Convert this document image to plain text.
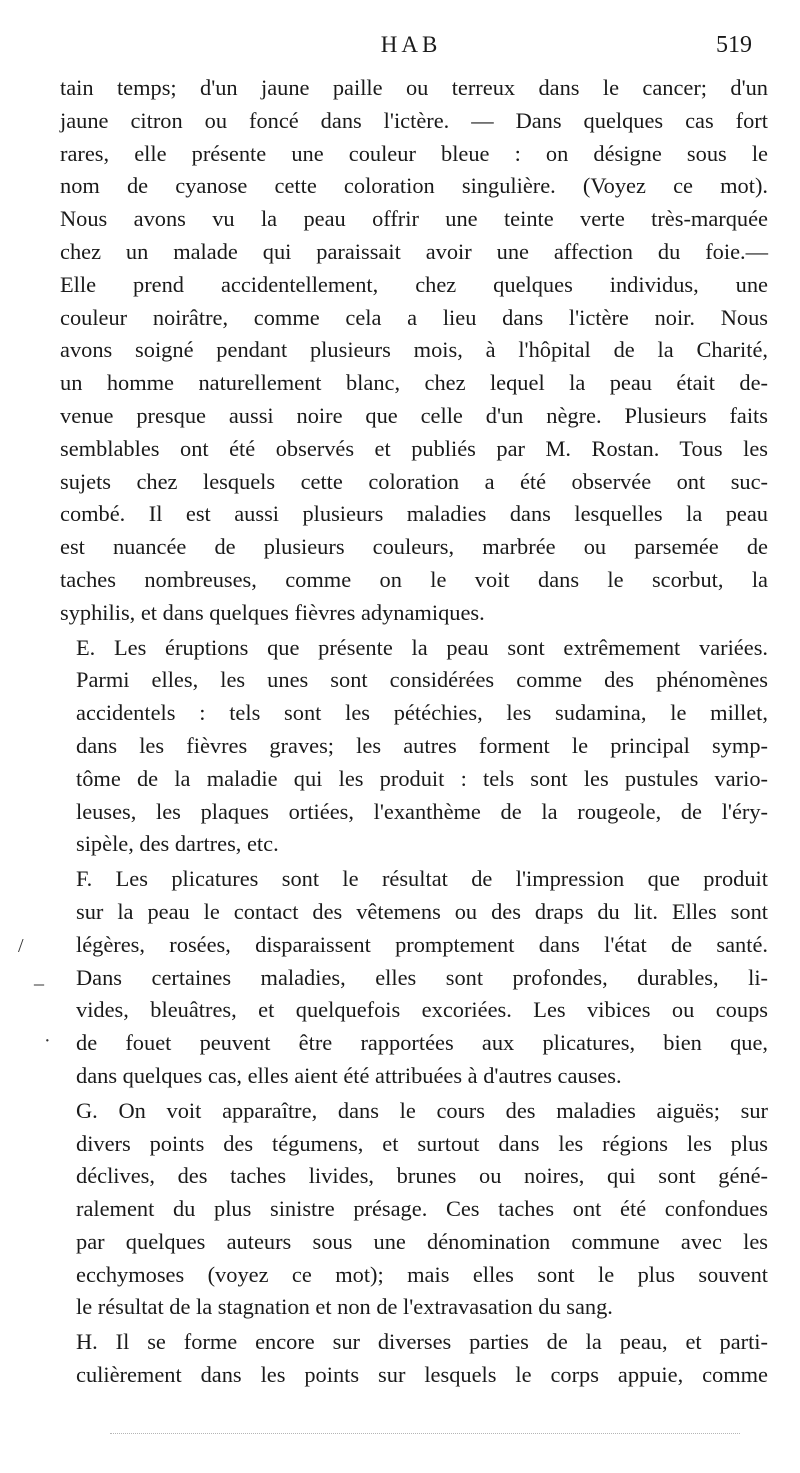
HAB	519
/
_
·
tain temps; d'un jaune paille ou terreux dans le cancer; d'un
jaune citron ou foncé dans l'ictère. — Dans quelques cas fort
rares, elle présente une couleur bleue : on désigne sous le
nom de cyanose cette coloration singulière. (Voyez ce mot).
Nous avons vu la peau offrir une teinte verte très-marquée
chez un malade qui paraissait avoir une affection du foie.—
Elle prend accidentellement, chez quelques individus, une
couleur noirâtre, comme cela a lieu dans l'ictère noir. Nous
avons soigné pendant plusieurs mois, à l'hôpital de la Charité,
un homme naturellement blanc, chez lequel la peau était de-
venue presque aussi noire que celle d'un nègre. Plusieurs faits
semblables ont été observés et publiés par M. Rostan. Tous les
sujets chez lesquels cette coloration a été observée ont suc-
combé. Il est aussi plusieurs maladies dans lesquelles la peau
est nuancée de plusieurs couleurs, marbrée ou parsemée de
taches nombreuses, comme on le voit dans le scorbut, la
syphilis, et dans quelques fièvres adynamiques.
E. Les éruptions que présente la peau sont extrêmement variées.
Parmi elles, les unes sont considérées comme des phénomènes
accidentels : tels sont les pétéchies, les sudamina, le millet,
dans les fièvres graves; les autres forment le principal symp-
tôme de la maladie qui les produit : tels sont les pustules vario-
leuses, les plaques ortiées, l'exanthème de la rougeole, de l'éry-
sipèle, des dartres, etc.
F. Les plicatures sont le résultat de l'impression que produit
sur la peau le contact des vêtemens ou des draps du lit. Elles sont
légères, rosées, disparaissent promptement dans l'état de santé.
Dans certaines maladies, elles sont profondes, durables, li-
vides, bleuâtres, et quelquefois excoriées. Les vibices ou coups
de fouet peuvent être rapportées aux plicatures, bien que,
dans quelques cas, elles aient été attribuées à d'autres causes.
G. On voit apparaître, dans le cours des maladies aiguës; sur
divers points des tégumens, et surtout dans les régions les plus
déclives, des taches livides, brunes ou noires, qui sont géné-
ralement du plus sinistre présage. Ces taches ont été confondues
par quelques auteurs sous une dénomination commune avec les
ecchymoses (voyez ce mot); mais elles sont le plus souvent
le résultat de la stagnation et non de l'extravasation du sang.
H. Il se forme encore sur diverses parties de la peau, et parti-
culièrement dans les points sur lesquels le corps appuie, comme
